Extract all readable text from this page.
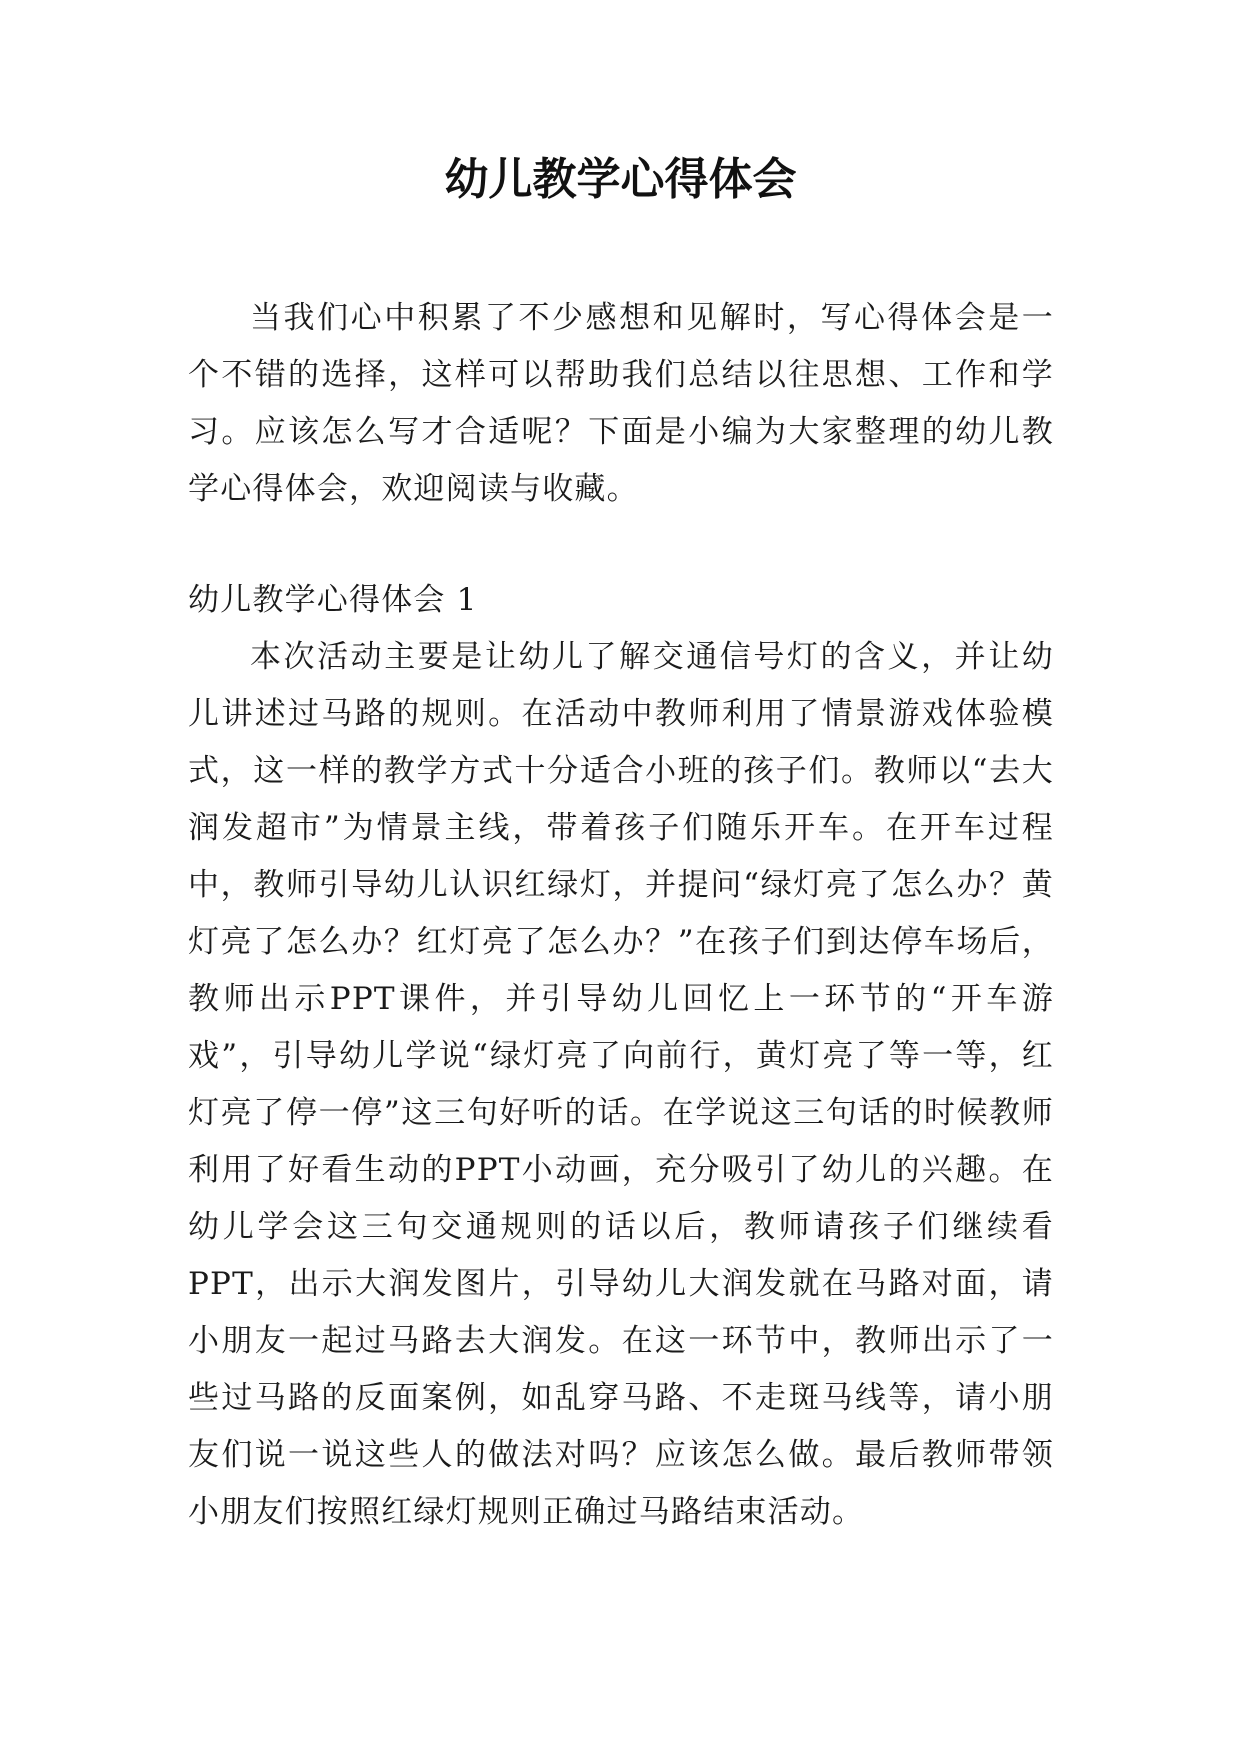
幼儿教学心得体会

当我们心中积累了不少感想和见解时，写心得体会是一个不错的选择，这样可以帮助我们总结以往思想、工作和学习。应该怎么写才合适呢？下面是小编为大家整理的幼儿教学心得体会，欢迎阅读与收藏。

幼儿教学心得体会 1

本次活动主要是让幼儿了解交通信号灯的含义，并让幼儿讲述过马路的规则。在活动中教师利用了情景游戏体验模式，这一样的教学方式十分适合小班的孩子们。教师以“去大润发超市”为情景主线，带着孩子们随乐开车。在开车过程中，教师引导幼儿认识红绿灯，并提问“绿灯亮了怎么办？黄灯亮了怎么办？红灯亮了怎么办？”在孩子们到达停车场后，教师出示PPT课件，并引导幼儿回忆上一环节的“开车游戏”，引导幼儿学说“绿灯亮了向前行，黄灯亮了等一等，红灯亮了停一停”这三句好听的话。在学说这三句话的时候教师利用了好看生动的PPT小动画，充分吸引了幼儿的兴趣。在幼儿学会这三句交通规则的话以后，教师请孩子们继续看PPT，出示大润发图片，引导幼儿大润发就在马路对面，请小朋友一起过马路去大润发。在这一环节中，教师出示了一些过马路的反面案例，如乱穿马路、不走斑马线等，请小朋友们说一说这些人的做法对吗？应该怎么做。最后教师带领小朋友们按照红绿灯规则正确过马路结束活动。
